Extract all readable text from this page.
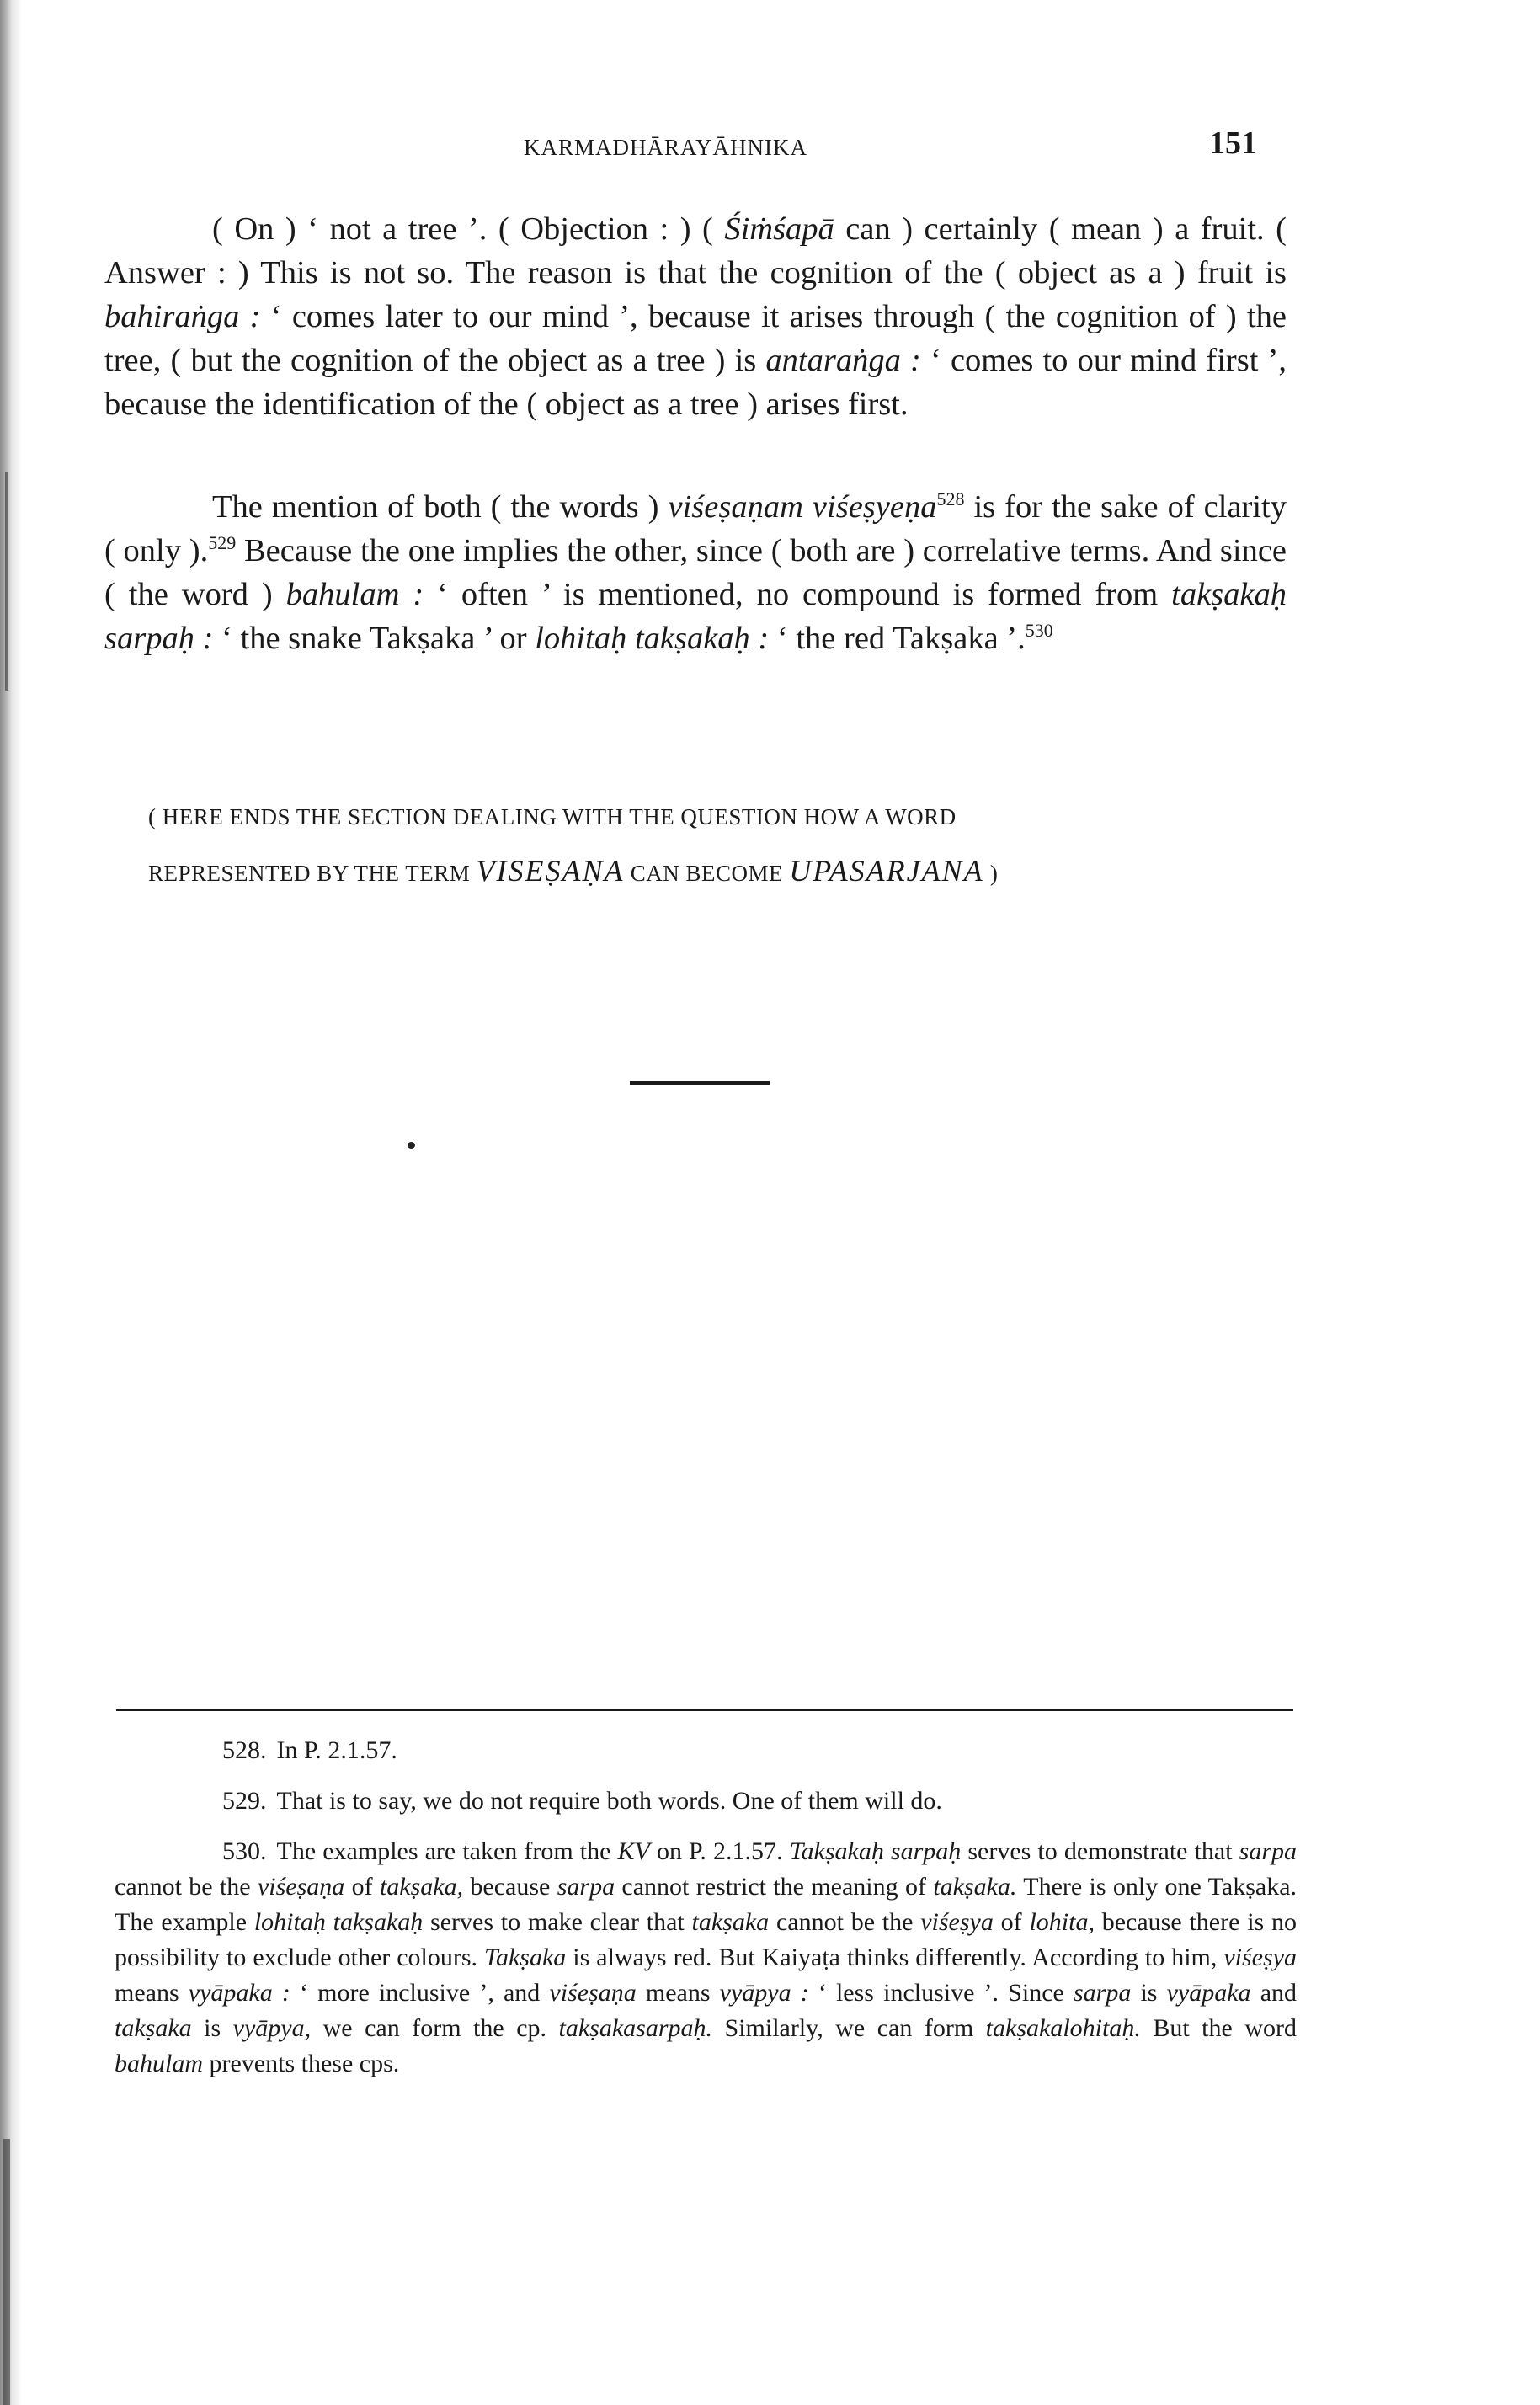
KARMADHĀRAYĀHNIKA	151

( On ) ‘ not a tree ’. ( Objection : ) ( Śiṁśapā can ) certainly ( mean ) a fruit. ( Answer : ) This is not so. The reason is that the cognition of the ( object as a ) fruit is bahiraṅga : ‘ comes later to our mind ’, because it arises through ( the cognition of ) the tree, ( but the cognition of the object as a tree ) is antaraṅga : ‘ comes to our mind first ’, because the identification of the ( object as a tree ) arises first.

The mention of both ( the words ) viśeṣaṇam viśeṣyeṇa$^{528}$ is for the sake of clarity ( only ).$^{529}$ Because the one implies the other, since ( both are ) correlative terms. And since ( the word ) bahulam : ‘ often ’ is mentioned, no compound is formed from takṣakaḥ sarpaḥ : ‘ the snake Takṣaka ’ or lohitaḥ takṣakaḥ : ‘ the red Takṣaka ’.$^{530}$

( HERE ENDS THE SECTION DEALING WITH THE QUESTION HOW A WORD
REPRESENTED BY THE TERM VISEṢAṆA CAN BECOME UPASARJANA )

528. In P. 2.1.57.

529. That is to say, we do not require both words. One of them will do.

530. The examples are taken from the KV on P. 2.1.57. Takṣakaḥ sarpaḥ serves to demonstrate that sarpa cannot be the viśeṣaṇa of takṣaka, because sarpa cannot restrict the meaning of takṣaka. There is only one Takṣaka. The example lohitaḥ takṣakaḥ serves to make clear that takṣaka cannot be the viśeṣya of lohita, because there is no possibility to exclude other colours. Takṣaka is always red. But Kaiyaṭa thinks differently. According to him, viśeṣya means vyāpaka : ‘ more inclusive ’, and viśeṣaṇa means vyāpya : ‘ less inclusive ’. Since sarpa is vyāpaka and takṣaka is vyāpya, we can form the cp. takṣakasarpaḥ. Similarly, we can form takṣakalohitaḥ. But the word bahulam prevents these cps.
